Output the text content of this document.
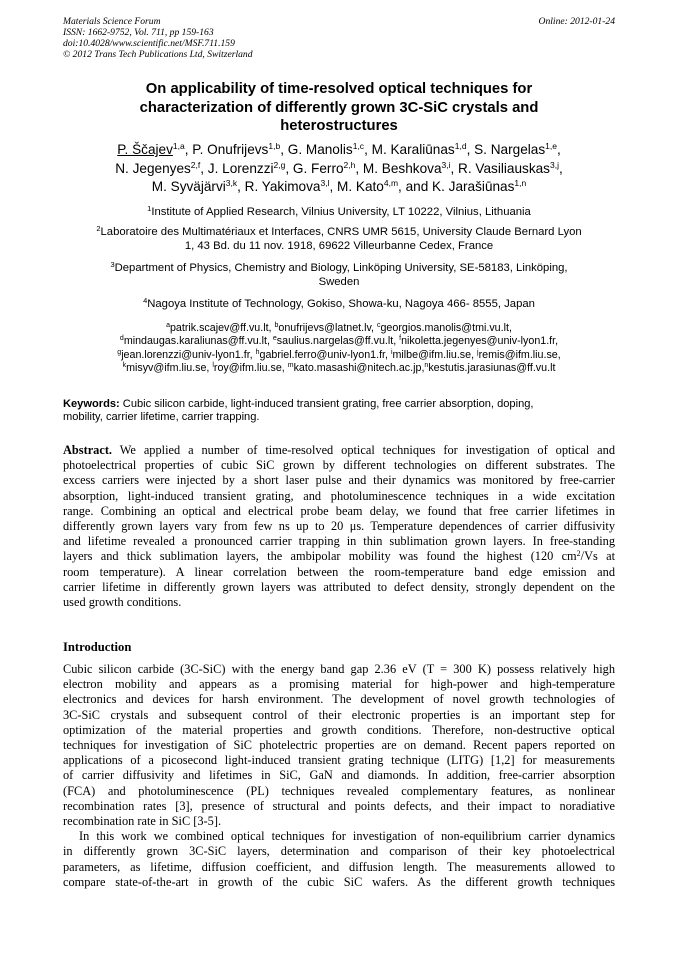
Materials Science Forum
ISSN: 1662-9752, Vol. 711, pp 159-163
doi:10.4028/www.scientific.net/MSF.711.159
© 2012 Trans Tech Publications Ltd, Switzerland
Online: 2012-01-24
On applicability of time-resolved optical techniques for
characterization of differently grown 3C-SiC crystals and
heterostructures
P. Ščajev$^{1,a}$, P. Onufrijevs$^{1,b}$, G. Manolis$^{1,c}$, M. Karaliūnas$^{1,d}$, S. Nargelas$^{1,e}$,
N. Jegenyes$^{2,f}$, J. Lorenzzi$^{2,g}$, G. Ferro$^{2,h}$, M. Beshkova$^{3,i}$, R. Vasiliauskas$^{3,j}$,
M. Syväjärvi$^{3,k}$, R. Yakimova$^{3,l}$, M. Kato$^{4,m}$, and K. Jarašiūnas$^{1,n}$
$^1$Institute of Applied Research, Vilnius University, LT 10222, Vilnius, Lithuania
$^2$Laboratoire des Multimatériaux et Interfaces, CNRS UMR 5615, University Claude Bernard Lyon
1, 43 Bd. du 11 nov. 1918, 69622 Villeurbanne Cedex, France
$^3$Department of Physics, Chemistry and Biology, Linköping University, SE-58183, Linköping,
Sweden
$^4$Nagoya Institute of Technology, Gokiso, Showa-ku, Nagoya 466- 8555, Japan
$^a$patrik.scajev@ff.vu.lt, $^b$onufrijevs@latnet.lv, $^c$georgios.manolis@tmi.vu.lt,
$^d$mindaugas.karaliunas@ff.vu.lt, $^e$saulius.nargelas@ff.vu.lt, $^f$nikoletta.jegenyes@univ-lyon1.fr,
$^g$jean.lorenzzi@univ-lyon1.fr, $^h$gabriel.ferro@univ-lyon1.fr, $^i$milbe@ifm.liu.se, $^j$remis@ifm.liu.se,
$^k$misyv@ifm.liu.se, $^l$roy@ifm.liu.se, $^m$kato.masashi@nitech.ac.jp,$^n$kestutis.jarasiunas@ff.vu.lt
Keywords: Cubic silicon carbide, light-induced transient grating, free carrier absorption, doping,
mobility, carrier lifetime, carrier trapping.
Abstract. We applied a number of time-resolved optical techniques for investigation of optical and
photoelectrical properties of cubic SiC grown by different technologies on different substrates. The
excess carriers were injected by a short laser pulse and their dynamics was monitored by free-carrier
absorption, light-induced transient grating, and photoluminescence techniques in a wide excitation
range. Combining an optical and electrical probe beam delay, we found that free carrier lifetimes in
differently grown layers vary from few ns up to 20 μs. Temperature dependences of carrier diffusivity
and lifetime revealed a pronounced carrier trapping in thin sublimation grown layers. In free-standing
layers and thick sublimation layers, the ambipolar mobility was found the highest (120 $cm^2/Vs$ at
room temperature). A linear correlation between the room-temperature band edge emission and
carrier lifetime in differently grown layers was attributed to defect density, strongly dependent on the
used growth conditions.
Introduction
Cubic silicon carbide (3C-SiC) with the energy band gap 2.36 eV (T = 300 K) possess relatively high
electron mobility and appears as a promising material for high-power and high-temperature
electronics and devices for harsh environment. The development of novel growth technologies of
3C-SiC crystals and subsequent control of their electronic properties is an important step for
optimization of the material properties and growth conditions. Therefore, non-destructive optical
techniques for investigation of SiC photelectric properties are on demand. Recent papers reported on
applications of a picosecond light-induced transient grating technique (LITG) [1,2] for measurements
of carrier diffusivity and lifetimes in SiC, GaN and diamonds. In addition, free-carrier absorption
(FCA) and photoluminescence (PL) techniques revealed complementary features, as nonlinear
recombination rates [3], presence of structural and points defects, and their impact to noradiative
recombination rate in SiC [3-5].
In this work we combined optical techniques for investigation of non-equilibrium carrier dynamics
in differently grown 3C-SiC layers, determination and comparison of their key photoelectrical
parameters, as lifetime, diffusion coefficient, and diffusion length. The measurements allowed to
compare state-of-the-art in growth of the cubic SiC wafers. As the different growth techniques
